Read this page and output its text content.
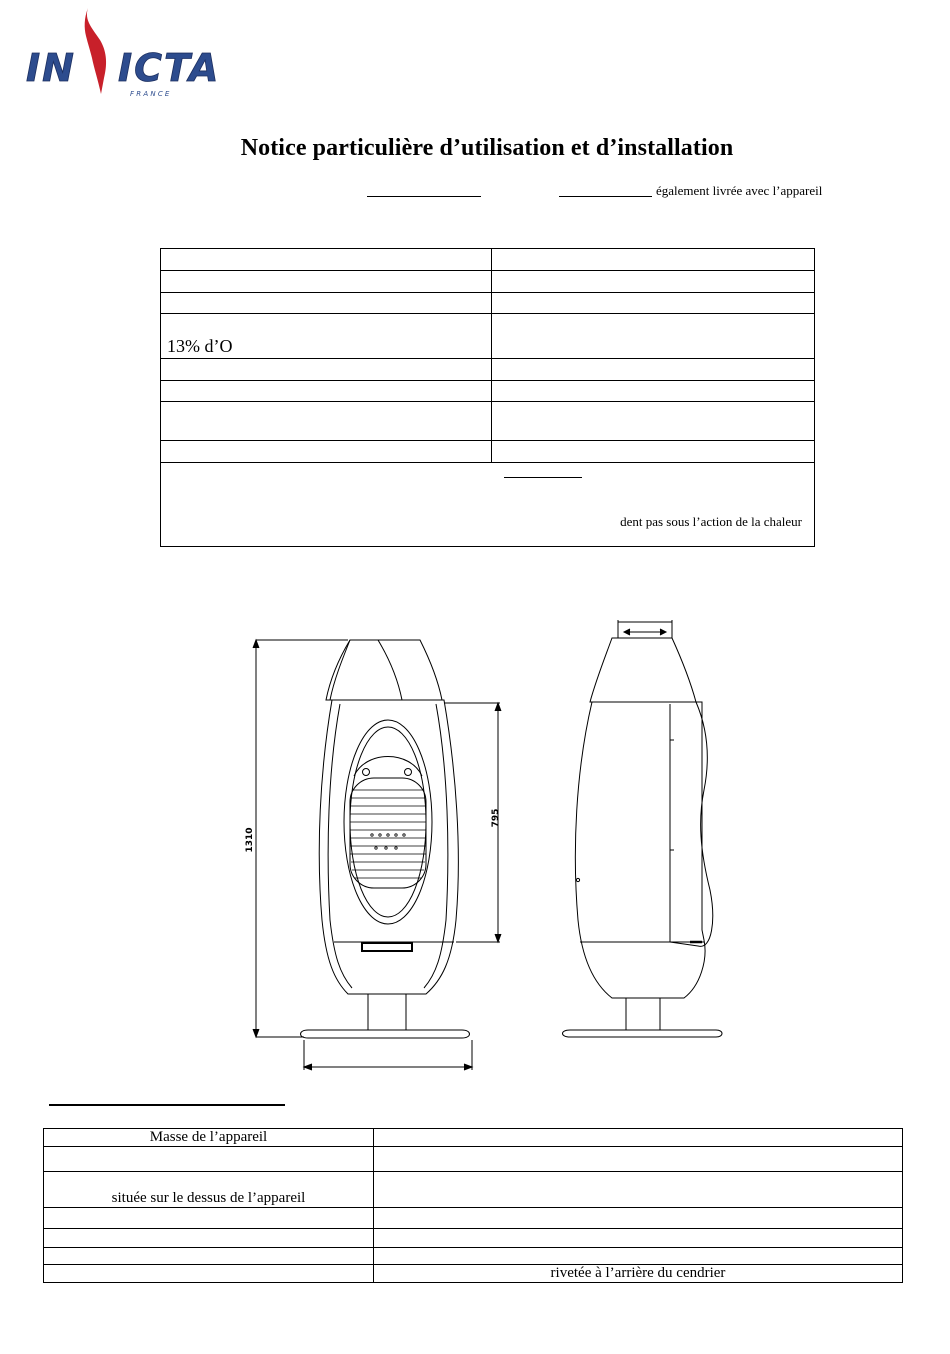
IN ICTA
F R A N C E
Notice particulière d’utilisation et d’installation
également livrée avec l’appareil

13% d’O	

dent pas sous l’action de la chaleur	
1310
795
Masse de l’appareil	

située sur le dessus de l’appareil	

	rivetée à l’arrière du cendrier
